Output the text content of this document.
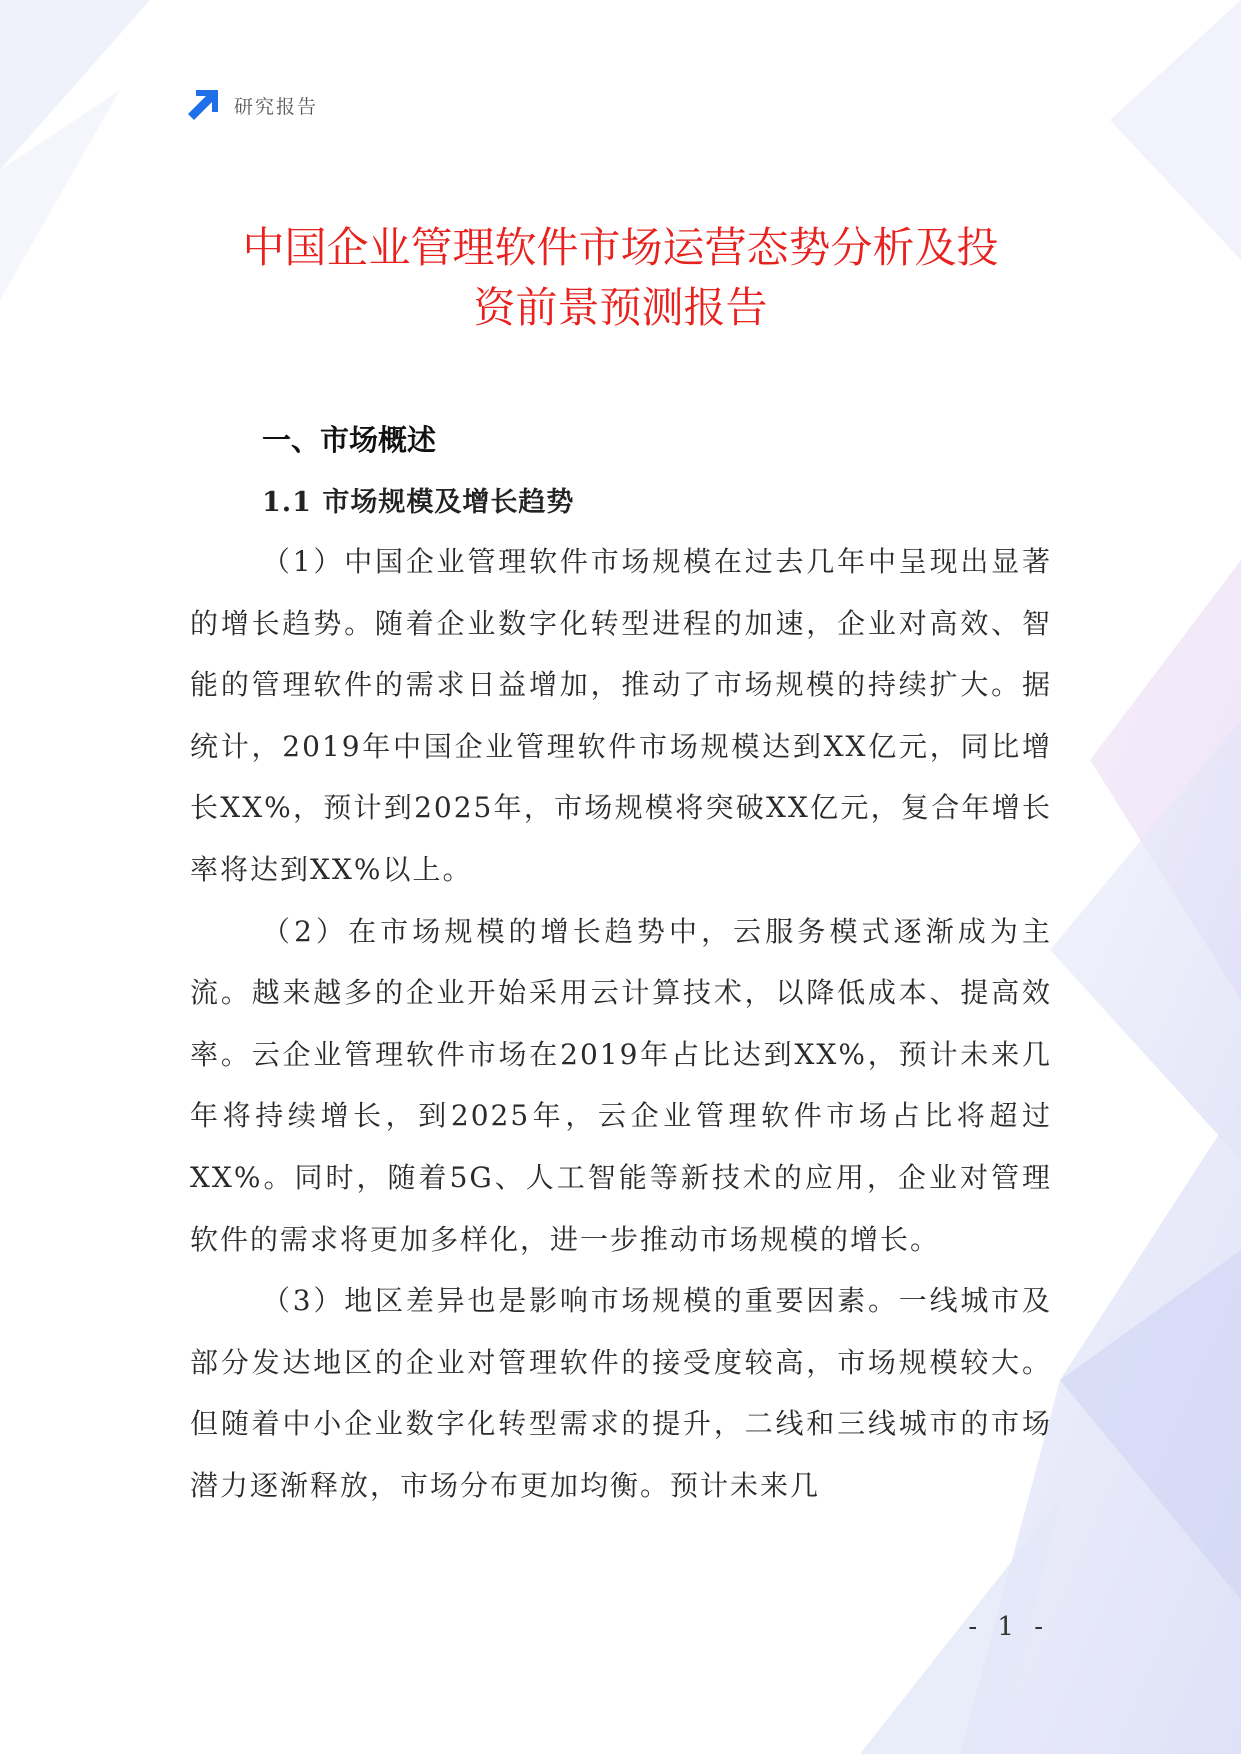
研究报告
中国企业管理软件市场运营态势分析及投
资前景预测报告
一、市场概述
1.1 市场规模及增长趋势

（1）中国企业管理软件市场规模在过去几年中呈现出显著的增长趋势。随着企业数字化转型进程的加速，企业对高效、智能的管理软件的需求日益增加，推动了市场规模的持续扩大。据统计，2019年中国企业管理软件市场规模达到XX亿元，同比增长XX%，预计到2025年，市场规模将突破XX亿元，复合年增长率将达到XX%以上。

（2）在市场规模的增长趋势中，云服务模式逐渐成为主流。越来越多的企业开始采用云计算技术，以降低成本、提高效率。云企业管理软件市场在2019年占比达到XX%，预计未来几年将持续增长，到2025年，云企业管理软件市场占比将超过XX%。同时，随着5G、人工智能等新技术的应用，企业对管理软件的需求将更加多样化，进一步推动市场规模的增长。

（3）地区差异也是影响市场规模的重要因素。一线城市及部分发达地区的企业对管理软件的接受度较高，市场规模较大。但随着中小企业数字化转型需求的提升，二线和三线城市的市场潜力逐渐释放，市场分布更加均衡。预计未来几

- 1 -
